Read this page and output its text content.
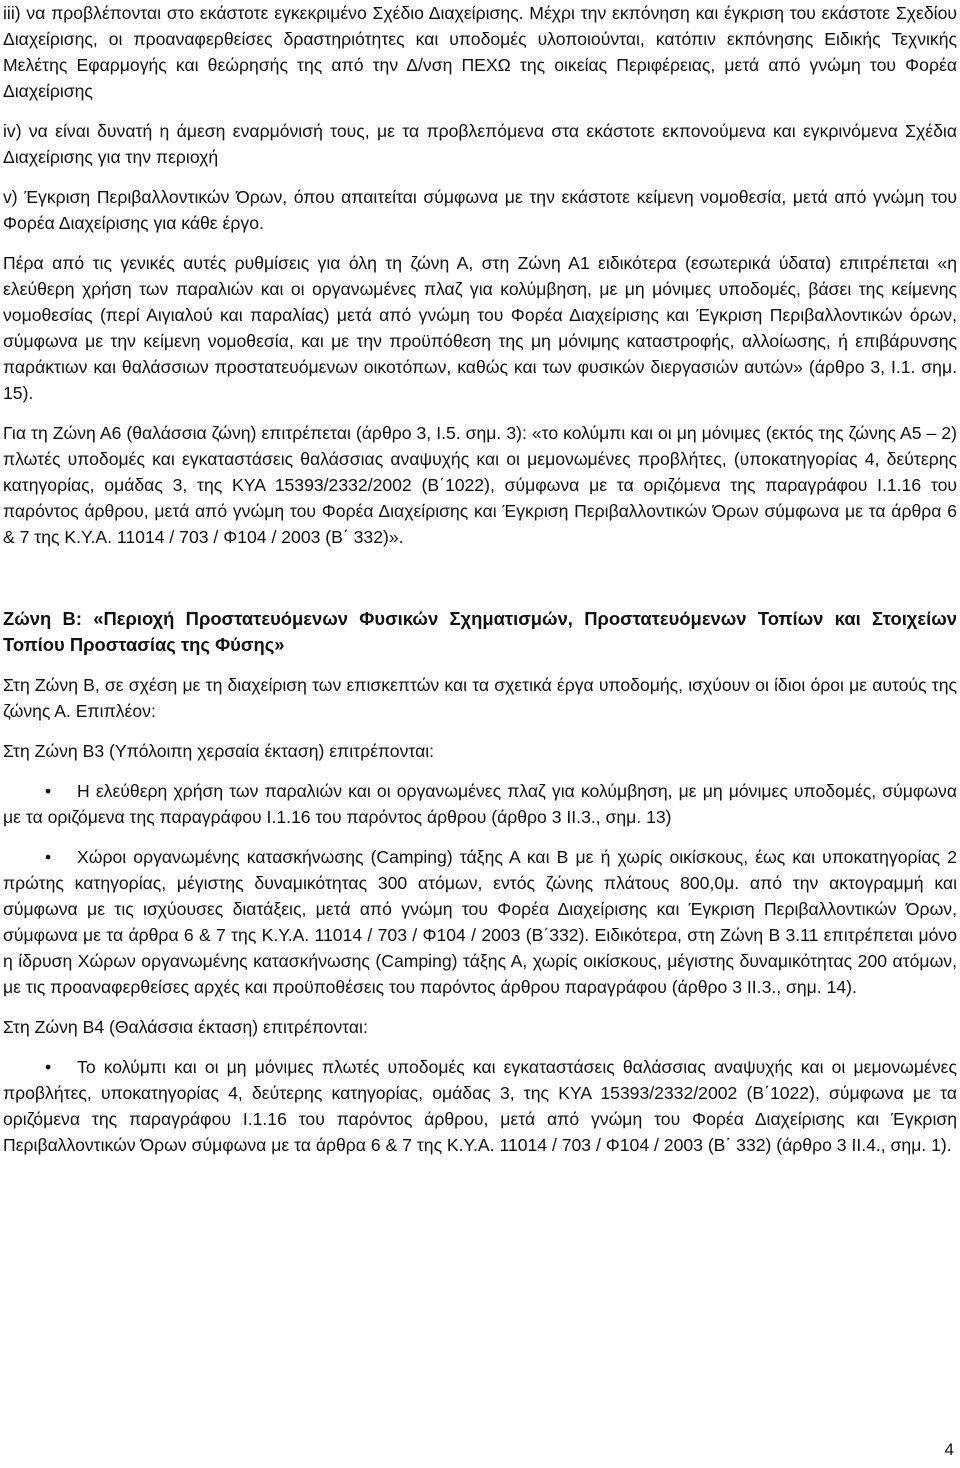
iii) να προβλέπονται στο εκάστοτε εγκεκριμένο Σχέδιο Διαχείρισης. Μέχρι την εκπόνηση και έγκριση του εκάστοτε Σχεδίου Διαχείρισης, οι προαναφερθείσες δραστηριότητες και υποδομές υλοποιούνται, κατόπιν εκπόνησης Ειδικής Τεχνικής Μελέτης Εφαρμογής και θεώρησής της από την Δ/νση ΠΕΧΩ της οικείας Περιφέρειας, μετά από γνώμη του Φορέα Διαχείρισης

iv) να είναι δυνατή η άμεση εναρμόνισή τους, με τα προβλεπόμενα στα εκάστοτε εκπονούμενα και εγκρινόμενα Σχέδια Διαχείρισης για την περιοχή

v) Έγκριση Περιβαλλοντικών Όρων, όπου απαιτείται σύμφωνα με την εκάστοτε κείμενη νομοθεσία, μετά από γνώμη του Φορέα Διαχείρισης για κάθε έργο.

Πέρα από τις γενικές αυτές ρυθμίσεις για όλη τη ζώνη Α, στη Ζώνη Α1 ειδικότερα (εσωτερικά ύδατα) επιτρέπεται «η ελεύθερη χρήση των παραλιών και οι οργανωμένες πλαζ για κολύμβηση, με μη μόνιμες υποδομές, βάσει της κείμενης νομοθεσίας (περί Αιγιαλού και παραλίας) μετά από γνώμη του Φορέα Διαχείρισης και Έγκριση Περιβαλλοντικών όρων, σύμφωνα με την κείμενη νομοθεσία, και με την προϋπόθεση της μη μόνιμης καταστροφής, αλλοίωσης, ή επιβάρυνσης παράκτιων και θαλάσσιων προστατευόμενων οικοτόπων, καθώς και των φυσικών διεργασιών αυτών» (άρθρο 3, Ι.1. σημ. 15).

Για τη Ζώνη Α6 (θαλάσσια ζώνη) επιτρέπεται (άρθρο 3, Ι.5. σημ. 3): «το κολύμπι και οι μη μόνιμες (εκτός της ζώνης Α5 – 2) πλωτές υποδομές και εγκαταστάσεις θαλάσσιας αναψυχής και οι μεμονωμένες προβλήτες, (υποκατηγορίας 4, δεύτερης κατηγορίας, ομάδας 3, της ΚΥΑ 15393/2332/2002 (Β΄1022), σύμφωνα με τα οριζόμενα της παραγράφου Ι.1.16 του παρόντος άρθρου, μετά από γνώμη του Φορέα Διαχείρισης και Έγκριση Περιβαλλοντικών Όρων σύμφωνα με τα άρθρα 6 & 7 της Κ.Υ.Α. 11014 / 703 / Φ104 / 2003 (Β΄ 332)».

Ζώνη Β: «Περιοχή Προστατευόμενων Φυσικών Σχηματισμών, Προστατευόμενων Τοπίων και Στοιχείων Τοπίου Προστασίας της Φύσης»

Στη Ζώνη Β, σε σχέση με τη διαχείριση των επισκεπτών και τα σχετικά έργα υποδομής, ισχύουν οι ίδιοι όροι με αυτούς της ζώνης Α. Επιπλέον:

Στη Ζώνη Β3 (Υπόλοιπη χερσαία έκταση) επιτρέπονται:

• Η ελεύθερη χρήση των παραλιών και οι οργανωμένες πλαζ για κολύμβηση, με μη μόνιμες υποδομές, σύμφωνα με τα οριζόμενα της παραγράφου Ι.1.16 του παρόντος άρθρου (άρθρο 3 ΙΙ.3., σημ. 13)

• Χώροι οργανωμένης κατασκήνωσης (Camping) τάξης Α και Β με ή χωρίς οικίσκους, έως και υποκατηγορίας 2 πρώτης κατηγορίας, μέγιστης δυναμικότητας 300 ατόμων, εντός ζώνης πλάτους 800,0μ. από την ακτογραμμή και σύμφωνα με τις ισχύουσες διατάξεις, μετά από γνώμη του Φορέα Διαχείρισης και Έγκριση Περιβαλλοντικών Όρων, σύμφωνα με τα άρθρα 6 & 7 της Κ.Υ.Α. 11014 / 703 / Φ104 / 2003 (Β΄332). Ειδικότερα, στη Ζώνη Β 3.11 επιτρέπεται μόνο η ίδρυση Χώρων οργανωμένης κατασκήνωσης (Camping) τάξης Α, χωρίς οικίσκους, μέγιστης δυναμικότητας 200 ατόμων, με τις προαναφερθείσες αρχές και προϋποθέσεις του παρόντος άρθρου παραγράφου (άρθρο 3 ΙΙ.3., σημ. 14).

Στη Ζώνη Β4 (Θαλάσσια έκταση) επιτρέπονται:

• Το κολύμπι και οι μη μόνιμες πλωτές υποδομές και εγκαταστάσεις θαλάσσιας αναψυχής και οι μεμονωμένες προβλήτες, υποκατηγορίας 4, δεύτερης κατηγορίας, ομάδας 3, της ΚΥΑ 15393/2332/2002 (Β΄1022), σύμφωνα με τα οριζόμενα της παραγράφου Ι.1.16 του παρόντος άρθρου, μετά από γνώμη του Φορέα Διαχείρισης και Έγκριση Περιβαλλοντικών Όρων σύμφωνα με τα άρθρα 6 & 7 της Κ.Υ.Α. 11014 / 703 / Φ104 / 2003 (Β΄ 332) (άρθρο 3 ΙΙ.4., σημ. 1).

4
